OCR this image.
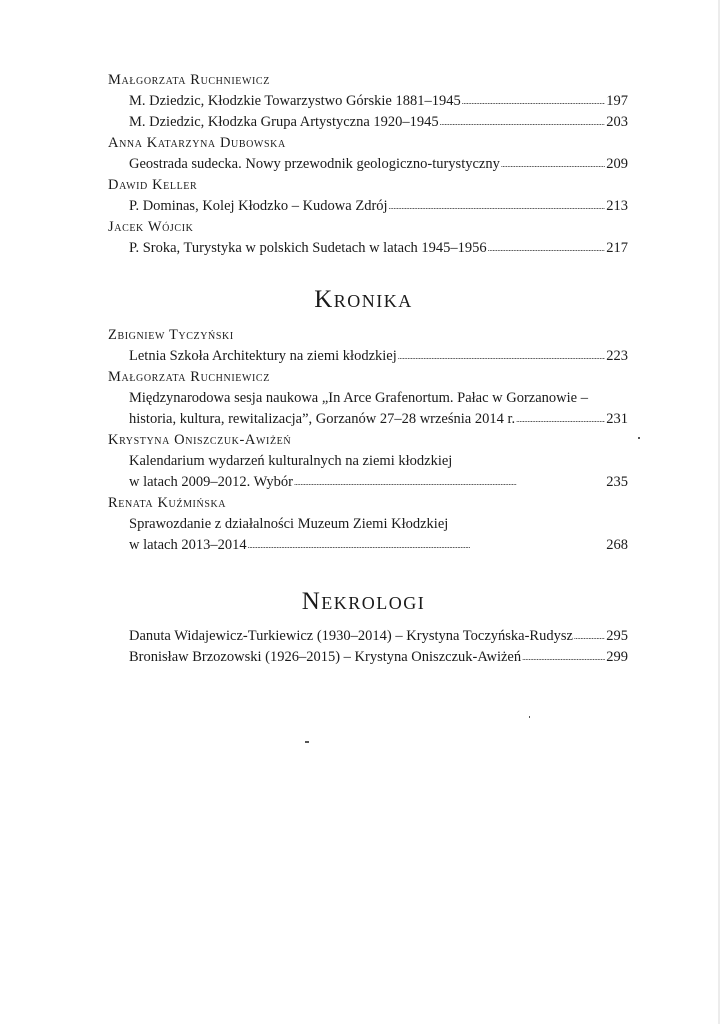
Małgorzata Ruchniewicz
M. Dziedzic, Kłodzkie Towarzystwo Górskie 1881–1945 . . .	197
M. Dziedzic, Kłodzka Grupa Artystyczna 1920–1945 . . .	203
Anna Katarzyna Dubowska
Geostrada sudecka. Nowy przewodnik geologiczno-turystyczny . . .	209
Dawid Keller
P. Dominas, Kolej Kłodzko – Kudowa Zdrój . . .	213
Jacek Wójcik
P. Sroka, Turystyka w polskich Sudetach w latach 1945–1956 . . .	217
Kronika
Zbigniew Tyczyński
Letnia Szkoła Architektury na ziemi kłodzkiej . . .	223
Małgorzata Ruchniewicz
Międzynarodowa sesja naukowa „In Arce Grafenortum. Pałac w Gorzanowie –
historia, kultura, rewitalizacja”, Gorzanów 27–28 września 2014 r. . . .	231
Krystyna Oniszczuk-Awiżeń
Kalendarium wydarzeń kulturalnych na ziemi kłodzkiej
w latach 2009–2012. Wybór . . .	235
Renata Kuźmińska
Sprawozdanie z działalności Muzeum Ziemi Kłodzkiej
w latach 2013–2014 . . .	268
Nekrologi
Danuta Widajewicz-Turkiewicz (1930–2014) – Krystyna Toczyńska-Rudysz . . . 295
Bronisław Brzozowski (1926–2015) – Krystyna Oniszczuk-Awiżeń . . .	299
